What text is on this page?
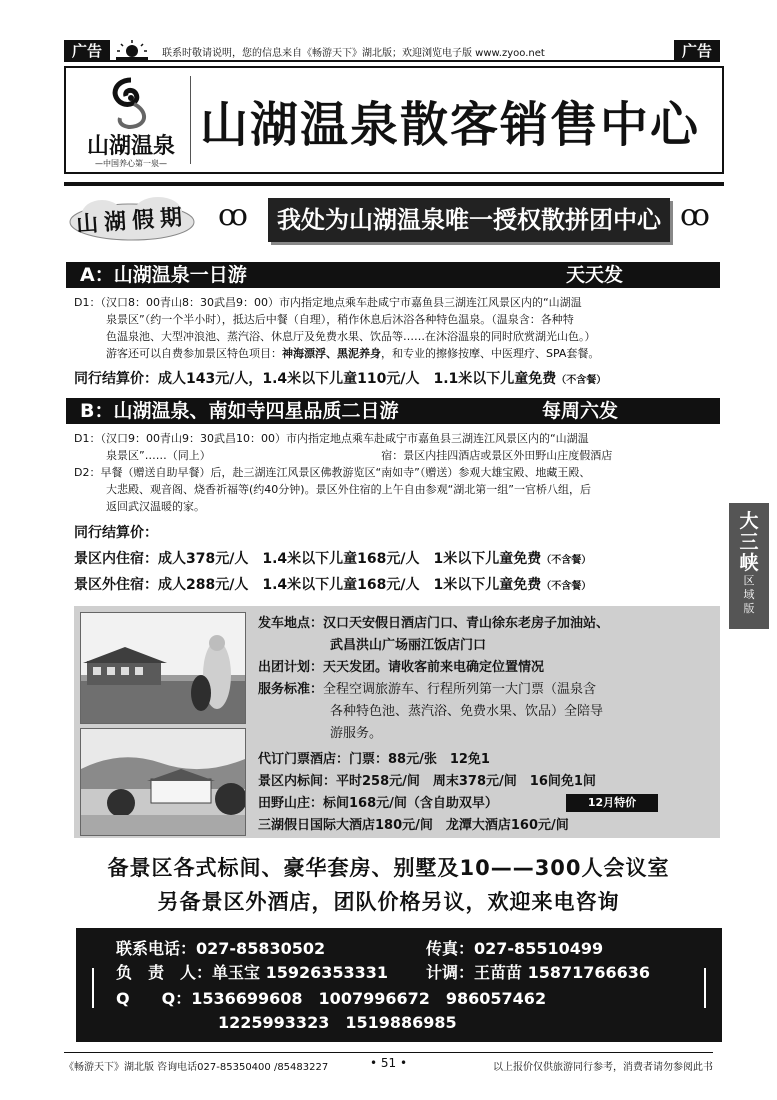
广告	广告
联系时敬请说明，您的信息来自《畅游天下》湖北版；欢迎浏览电子版 www.zyoo.net
山湖温泉
—中国养心第一泉—
山湖温泉散客销售中心
山湖假期 ꝏ	我处为山湖温泉唯一授权散拼团中心 ꝏ
A：山湖温泉一日游	天天发
D1：（汉口8：00青山8：30武昌9：00）市内指定地点乘车赴咸宁市嘉鱼县三湖连江风景区内的“山湖温
泉景区”（约一个半小时），抵达后中餐（自理），稍作休息后沐浴各种特色温泉。（温泉含：各种特
色温泉池、大型冲浪池、蒸汽浴、休息厅及免费水果、饮品等……在沐浴温泉的同时欣赏湖光山色。）
游客还可以自费参加景区特色项目：神海漂浮、黑泥养身，和专业的擦修按摩、中医理疗、SPA套餐。
同行结算价：成人143元/人，1.4米以下儿童110元/人　1.1米以下儿童免费（不含餐）
B：山湖温泉、南如寺四星品质二日游	每周六发
D1：（汉口9：00青山9：30武昌10：00）市内指定地点乘车赴咸宁市嘉鱼县三湖连江风景区内的“山湖温
泉景区”……（同上）　　　　　　　　　　　　　　　　宿：景区内挂四酒店或景区外田野山庄度假酒店
D2：早餐（赠送自助早餐）后，赴三湖连江风景区佛教游览区“南如寺”（赠送）参观大雄宝殿、地藏王殿、
大悲殿、观音阁、烧香祈福等(约40分钟)。景区外住宿的上午自由参观“湖北第一组”一官桥八组，后
返回武汉温暖的家。
同行结算价：
景区内住宿：成人378元/人　1.4米以下儿童168元/人　1米以下儿童免费（不含餐）
景区外住宿：成人288元/人　1.4米以下儿童168元/人　1米以下儿童免费（不含餐）
大
三
峡
区
域
版
发车地点：汉口天安假日酒店门口、青山徐东老房子加油站、
武昌洪山广场丽江饭店门口
出团计划：天天发团。请收客前来电确定位置情况
服务标准：全程空调旅游车、行程所列第一大门票（温泉含
各种特色池、蒸汽浴、免费水果、饮品）全陪导
游服务。
代订门票酒店：门票：88元/张　12免1
景区内标间：平时258元/间　周末378元/间　16间免1间
田野山庄：标间168元/间（含自助双早）
三湖假日国际大酒店180元/间　龙潭大酒店160元/间
12月特价
备景区各式标间、豪华套房、别墅及10——300人会议室
另备景区外酒店，团队价格另议，欢迎来电咨询
联系电话：027-85830502	传真：027-85510499
负　责　人：单玉宝 15926353331 计调：王苗苗 15871766636
Q　　Q：1536699608　1007996672　986057462
1225993323　1519886985
《畅游天下》湖北版 咨询电话027-85350400 /85483227	• 51 •	以上报价仅供旅游同行参考，消费者请勿参阅此书
